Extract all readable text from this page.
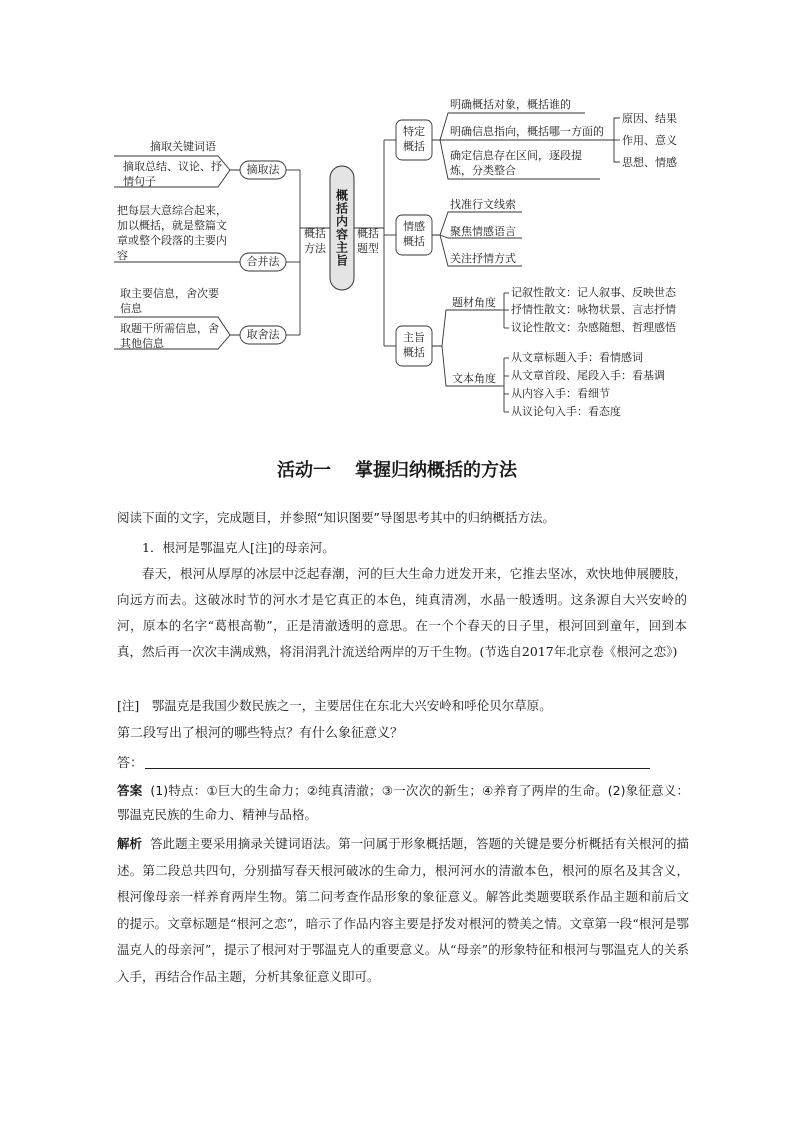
概括内容主旨
概括方法
概括题型
摘取法
合并法
取舍法
摘取关键词语
摘取总结、议论、抒情句子
把每层大意综合起来，加以概括，就是整篇文章或整个段落的主要内容
取主要信息，舍次要信息
取题干所需信息，舍其他信息
特定概括
情感概括
主旨概括
明确概括对象，概括谁的
明确信息指向，概括哪一方面的
确定信息存在区间，逐段提炼，分类整合
原因、结果
作用、意义
思想、情感
找准行文线索
聚焦情感语言
关注抒情方式
题材角度
文本角度
记叙性散文：记人叙事、反映世态
抒情性散文：咏物状景、言志抒情
议论性散文：杂感随想、哲理感悟
从文章标题入手：看情感词
从文章首段、尾段入手：看基调
从内容入手：看细节
从议论句入手：看态度
活动一 掌握归纳概括的方法
阅读下面的文字，完成题目，并参照“知识图要”导图思考其中的归纳概括方法。

1．根河是鄂温克人[注]的母亲河。

春天，根河从厚厚的冰层中泛起春潮，河的巨大生命力迸发开来，它推去坚冰，欢快地伸展腰肢，向远方而去。这破冰时节的河水才是它真正的本色，纯真清冽，水晶一般透明。这条源自大兴安岭的河，原本的名字“葛根高勒”，正是清澈透明的意思。在一个个春天的日子里，根河回到童年，回到本真，然后再一次次丰满成熟，将涓涓乳汁流送给两岸的万千生物。(节选自2017年北京卷《根河之恋》)

[注]　鄂温克是我国少数民族之一，主要居住在东北大兴安岭和呼伦贝尔草原。
第二段写出了根河的哪些特点？有什么象征意义？
答：
答案 (1)特点：①巨大的生命力；②纯真清澈；③一次次的新生；④养育了两岸的生命。(2)象征意义：鄂温克民族的生命力、精神与品格。
解析 答此题主要采用摘录关键词语法。第一问属于形象概括题，答题的关键是要分析概括有关根河的描述。第二段总共四句，分别描写春天根河破冰的生命力，根河河水的清澈本色，根河的原名及其含义，根河像母亲一样养育两岸生物。第二问考查作品形象的象征意义。解答此类题要联系作品主题和前后文的提示。文章标题是“根河之恋”，暗示了作品内容主要是抒发对根河的赞美之情。文章第一段“根河是鄂温克人的母亲河”，提示了根河对于鄂温克人的重要意义。从“母亲”的形象特征和根河与鄂温克人的关系入手，再结合作品主题，分析其象征意义即可。
